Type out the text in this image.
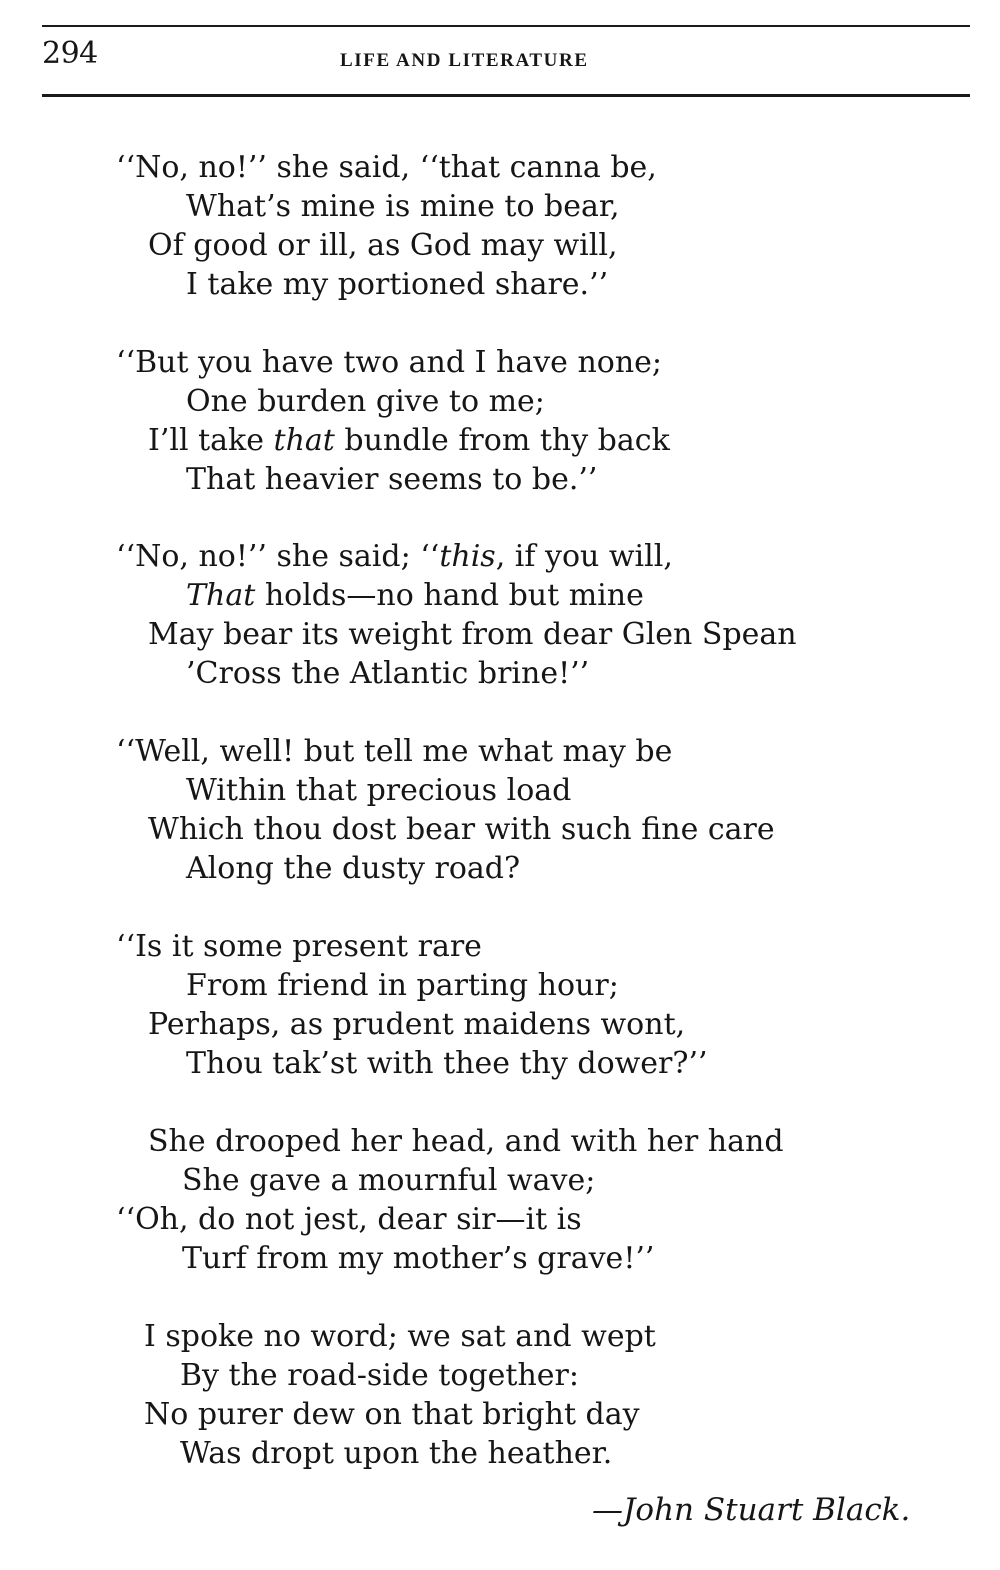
294	LIFE AND LITERATURE
‘‘No, no!’’ she said, ‘‘that canna be,
What’s mine is mine to bear,
Of good or ill, as God may will,
I take my portioned share.’’
‘‘But you have two and I have none;
One burden give to me;
I’ll take that bundle from thy back
That heavier seems to be.’’
‘‘No, no!’’ she said; ‘‘this, if you will,
That holds—no hand but mine
May bear its weight from dear Glen Spean
’Cross the Atlantic brine!’’
‘‘Well, well! but tell me what may be
Within that precious load
Which thou dost bear with such fine care
Along the dusty road?
‘‘Is it some present rare
From friend in parting hour;
Perhaps, as prudent maidens wont,
Thou tak’st with thee thy dower?’’
She drooped her head, and with her hand
She gave a mournful wave;
‘‘Oh, do not jest, dear sir—it is
Turf from my mother’s grave!’’
I spoke no word; we sat and wept
By the road-side together:
No purer dew on that bright day
Was dropt upon the heather.
—John Stuart Black.
